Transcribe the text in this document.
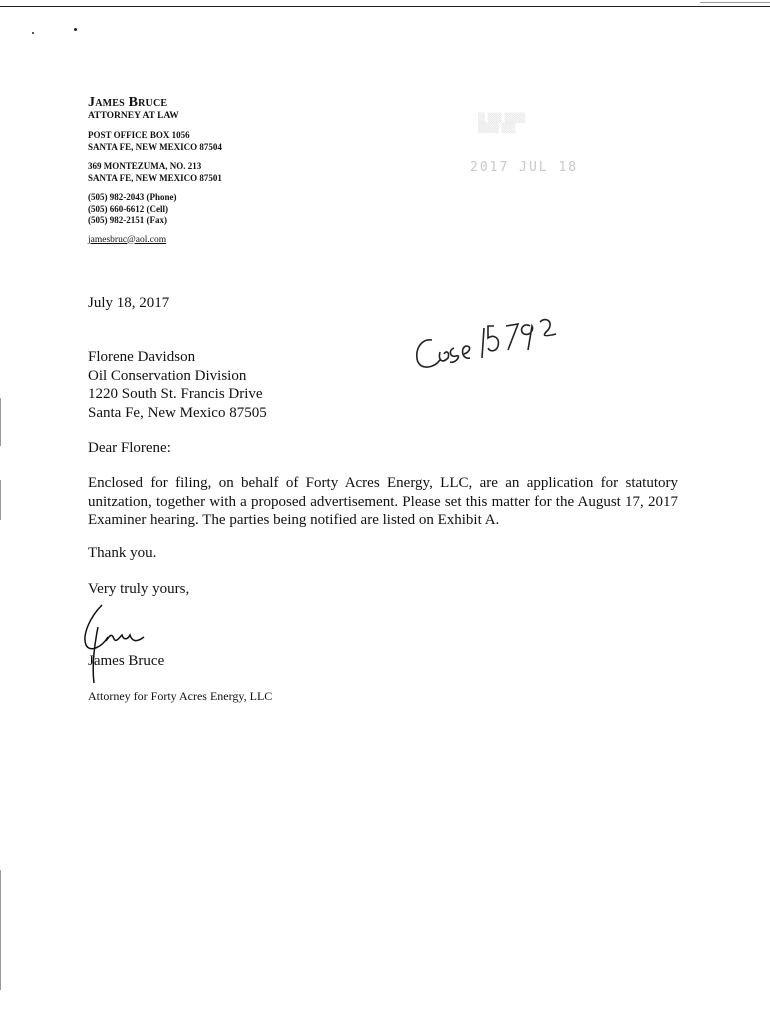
James Bruce
ATTORNEY AT LAW
POST OFFICE BOX 1056
SANTA FE, NEW MEXICO 87504
369 MONTEZUMA, NO. 213
SANTA FE, NEW MEXICO 87501
(505) 982-2043 (Phone)
(505) 660-6612 (Cell)
(505) 982-2151 (Fax)
jamesbruc@aol.com
▒ ▒▒ ▒▒▒
▒▒▒ ▒▒
2017 JUL 18
July 18, 2017
Florene Davidson
Oil Conservation Division
1220 South St. Francis Drive
Santa Fe, New Mexico 87505
Dear Florene:
Enclosed for filing, on behalf of Forty Acres Energy, LLC, are an application for statutory unitzation, together with a proposed advertisement. Please set this matter for the August 17, 2017 Examiner hearing. The parties being notified are listed on Exhibit A.
Thank you.
Very truly yours,
James Bruce
Attorney for Forty Acres Energy, LLC
